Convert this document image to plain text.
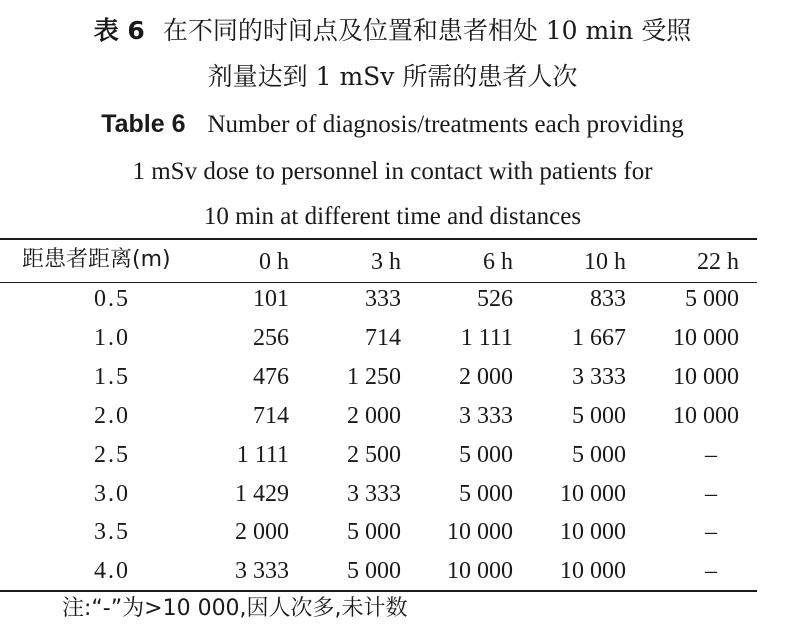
表 6 在不同的时间点及位置和患者相处 10 min 受照
剂量达到 1 mSv 所需的患者人次
Table 6 Number of diagnosis/treatments each providing
1 mSv dose to personnel in contact with patients for
10 min at different time and distances
距患者距离(m)	0 h	3 h	6 h	10 h	22 h
0.5	101	333	526	833	5 000
1.0	256	714	1 111	1 667	10 000
1.5	476	1 250	2 000	3 333	10 000
2.0	714	2 000	3 333	5 000	10 000
2.5	1 111	2 500	5 000	5 000	–
3.0	1 429	3 333	5 000	10 000	–
3.5	2 000	5 000	10 000	10 000	–
4.0	3 333	5 000	10 000	10 000	–
注:“-”为>10 000,因人次多,未计数
